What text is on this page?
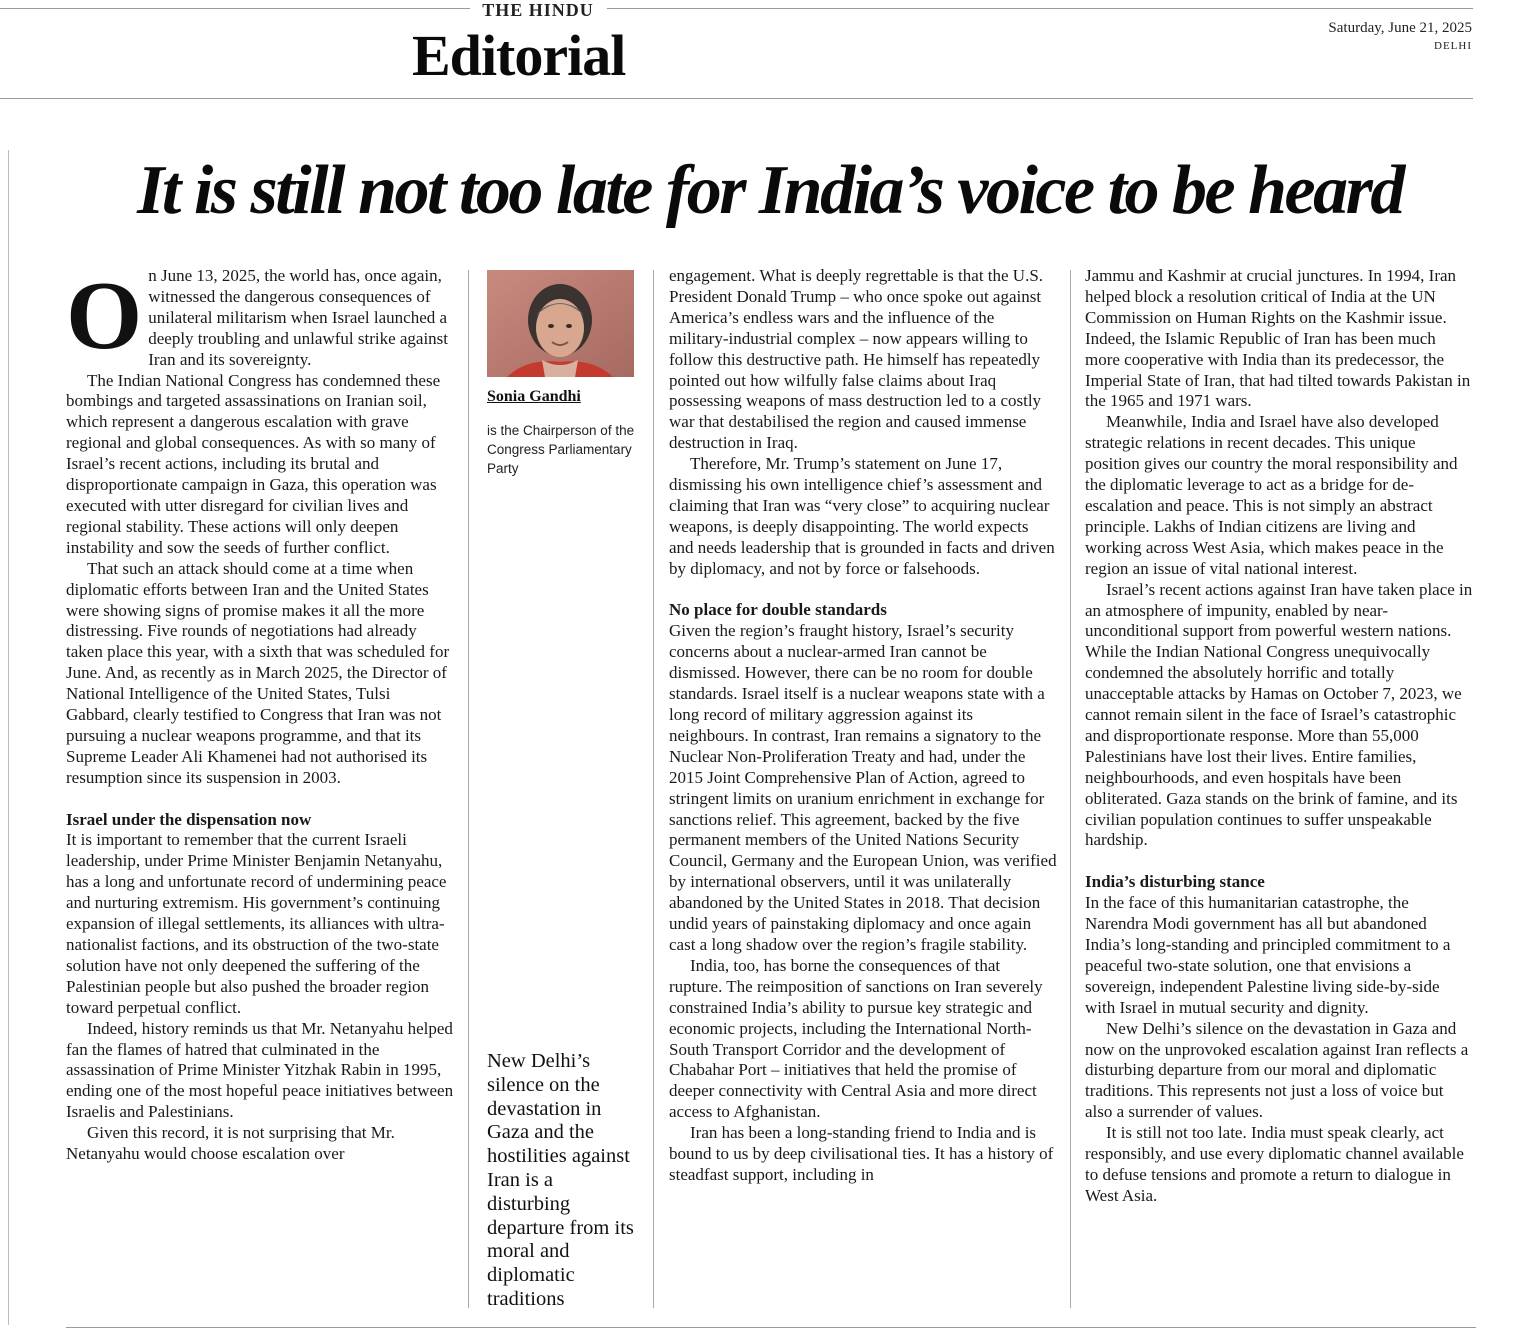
THE HINDU
Editorial	Saturday, June 21, 2025
DELHI
It is still not too late for India’s voice to be heard
O n June 13, 2025, the world has, once again, witnessed the dangerous consequences of unilateral militarism when Israel launched a deeply troubling and unlawful strike against Iran and its sovereignty.

The Indian National Congress has condemned these bombings and targeted assassinations on Iranian soil, which represent a dangerous escalation with grave regional and global consequences. As with so many of Israel’s recent actions, including its brutal and disproportionate campaign in Gaza, this operation was executed with utter disregard for civilian lives and regional stability. These actions will only deepen instability and sow the seeds of further conflict.

That such an attack should come at a time when diplomatic efforts between Iran and the United States were showing signs of promise makes it all the more distressing. Five rounds of negotiations had already taken place this year, with a sixth that was scheduled for June. And, as recently as in March 2025, the Director of National Intelligence of the United States, Tulsi Gabbard, clearly testified to Congress that Iran was not pursuing a nuclear weapons programme, and that its Supreme Leader Ali Khamenei had not authorised its resumption since its suspension in 2003.

Israel under the dispensation now

It is important to remember that the current Israeli leadership, under Prime Minister Benjamin Netanyahu, has a long and unfortunate record of undermining peace and nurturing extremism. His government’s continuing expansion of illegal settlements, its alliances with ultra-nationalist factions, and its obstruction of the two-state solution have not only deepened the suffering of the Palestinian people but also pushed the broader region toward perpetual conflict.

Indeed, history reminds us that Mr. Netanyahu helped fan the flames of hatred that culminated in the assassination of Prime Minister Yitzhak Rabin in 1995, ending one of the most hopeful peace initiatives between Israelis and Palestinians.

Given this record, it is not surprising that Mr. Netanyahu would choose escalation over

Sonia Gandhi
is the Chairperson of the Congress Parliamentary Party
New Delhi’s silence on the devastation in Gaza and the hostilities against Iran is a disturbing departure from its moral and diplomatic traditions

engagement. What is deeply regrettable is that the U.S. President Donald Trump – who once spoke out against America’s endless wars and the influence of the military-industrial complex – now appears willing to follow this destructive path. He himself has repeatedly pointed out how wilfully false claims about Iraq possessing weapons of mass destruction led to a costly war that destabilised the region and caused immense destruction in Iraq.

Therefore, Mr. Trump’s statement on June 17, dismissing his own intelligence chief’s assessment and claiming that Iran was “very close” to acquiring nuclear weapons, is deeply disappointing. The world expects and needs leadership that is grounded in facts and driven by diplomacy, and not by force or falsehoods.

No place for double standards

Given the region’s fraught history, Israel’s security concerns about a nuclear-armed Iran cannot be dismissed. However, there can be no room for double standards. Israel itself is a nuclear weapons state with a long record of military aggression against its neighbours. In contrast, Iran remains a signatory to the Nuclear Non-Proliferation Treaty and had, under the 2015 Joint Comprehensive Plan of Action, agreed to stringent limits on uranium enrichment in exchange for sanctions relief. This agreement, backed by the five permanent members of the United Nations Security Council, Germany and the European Union, was verified by international observers, until it was unilaterally abandoned by the United States in 2018. That decision undid years of painstaking diplomacy and once again cast a long shadow over the region’s fragile stability.

India, too, has borne the consequences of that rupture. The reimposition of sanctions on Iran severely constrained India’s ability to pursue key strategic and economic projects, including the International North-South Transport Corridor and the development of Chabahar Port – initiatives that held the promise of deeper connectivity with Central Asia and more direct access to Afghanistan.

Iran has been a long-standing friend to India and is bound to us by deep civilisational ties. It has a history of steadfast support, including in

Jammu and Kashmir at crucial junctures. In 1994, Iran helped block a resolution critical of India at the UN Commission on Human Rights on the Kashmir issue. Indeed, the Islamic Republic of Iran has been much more cooperative with India than its predecessor, the Imperial State of Iran, that had tilted towards Pakistan in the 1965 and 1971 wars.

Meanwhile, India and Israel have also developed strategic relations in recent decades. This unique position gives our country the moral responsibility and the diplomatic leverage to act as a bridge for de-escalation and peace. This is not simply an abstract principle. Lakhs of Indian citizens are living and working across West Asia, which makes peace in the region an issue of vital national interest.

Israel’s recent actions against Iran have taken place in an atmosphere of impunity, enabled by near-unconditional support from powerful western nations. While the Indian National Congress unequivocally condemned the absolutely horrific and totally unacceptable attacks by Hamas on October 7, 2023, we cannot remain silent in the face of Israel’s catastrophic and disproportionate response. More than 55,000 Palestinians have lost their lives. Entire families, neighbourhoods, and even hospitals have been obliterated. Gaza stands on the brink of famine, and its civilian population continues to suffer unspeakable hardship.

India’s disturbing stance

In the face of this humanitarian catastrophe, the Narendra Modi government has all but abandoned India’s long-standing and principled commitment to a peaceful two-state solution, one that envisions a sovereign, independent Palestine living side-by-side with Israel in mutual security and dignity.

New Delhi’s silence on the devastation in Gaza and now on the unprovoked escalation against Iran reflects a disturbing departure from our moral and diplomatic traditions. This represents not just a loss of voice but also a surrender of values.

It is still not too late. India must speak clearly, act responsibly, and use every diplomatic channel available to defuse tensions and promote a return to dialogue in West Asia.
